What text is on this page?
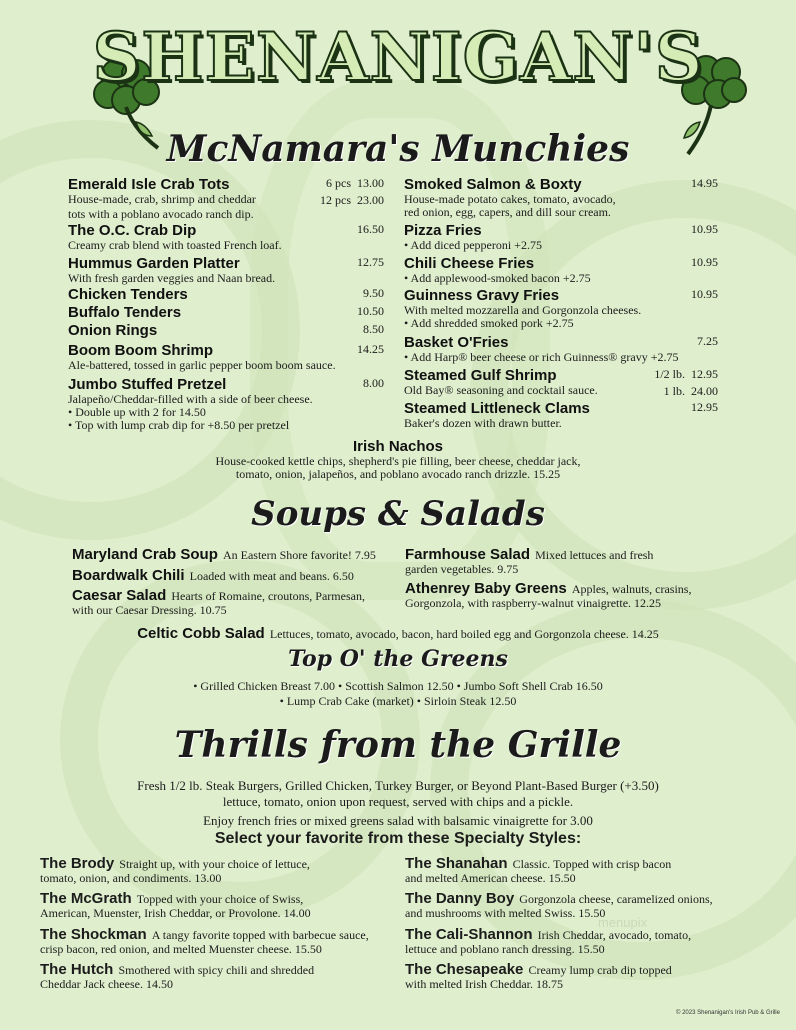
SHENANIGAN'S
McNamara's Munchies
Emerald Isle Crab Tots	6 pcs 13.00
House-made, crab, shrimp and cheddar	12 pcs 23.00
tots with a poblano avocado ranch dip.
The O.C. Crab Dip	16.50
Creamy crab blend with toasted French loaf.
Hummus Garden Platter	12.75
With fresh garden veggies and Naan bread.
Chicken Tenders	9.50
Buffalo Tenders	10.50
Onion Rings	8.50
Boom Boom Shrimp	14.25
Ale-battered, tossed in garlic pepper boom boom sauce.
Jumbo Stuffed Pretzel	8.00
Jalapeño/Cheddar-filled with a side of beer cheese.
• Double up with 2 for 14.50
• Top with lump crab dip for +8.50 per pretzel
Smoked Salmon & Boxty	14.95
House-made potato cakes, tomato, avocado,
red onion, egg, capers, and dill sour cream.
Pizza Fries	10.95
• Add diced pepperoni +2.75
Chili Cheese Fries	10.95
• Add applewood-smoked bacon +2.75
Guinness Gravy Fries	10.95
With melted mozzarella and Gorgonzola cheeses.
• Add shredded smoked pork +2.75
Basket O'Fries	7.25
• Add Harp® beer cheese or rich Guinness® gravy +2.75
Steamed Gulf Shrimp	1/2 lb. 12.95
Old Bay® seasoning and cocktail sauce.	1 lb. 24.00
Steamed Littleneck Clams	12.95
Baker's dozen with drawn butter.
Irish Nachos
House-cooked kettle chips, shepherd's pie filling, beer cheese, cheddar jack,
tomato, onion, jalapeños, and poblano avocado ranch drizzle. 15.25
Soups & Salads
Maryland Crab Soup An Eastern Shore favorite! 7.95
Boardwalk Chili Loaded with meat and beans. 6.50
Caesar Salad Hearts of Romaine, croutons, Parmesan,
with our Caesar Dressing. 10.75
Farmhouse Salad Mixed lettuces and fresh
garden vegetables. 9.75
Athenrey Baby Greens Apples, walnuts, crasins,
Gorgonzola, with raspberry-walnut vinaigrette. 12.25
Celtic Cobb Salad Lettuces, tomato, avocado, bacon, hard boiled egg and Gorgonzola cheese. 14.25
Top O' the Greens
• Grilled Chicken Breast 7.00 • Scottish Salmon 12.50 • Jumbo Soft Shell Crab 16.50
• Lump Crab Cake (market) • Sirloin Steak 12.50
Thrills from the Grille
Fresh 1/2 lb. Steak Burgers, Grilled Chicken, Turkey Burger, or Beyond Plant-Based Burger (+3.50)
lettuce, tomato, onion upon request, served with chips and a pickle.
Enjoy french fries or mixed greens salad with balsamic vinaigrette for 3.00
Select your favorite from these Specialty Styles:
The Brody Straight up, with your choice of lettuce,
tomato, onion, and condiments. 13.00
The McGrath Topped with your choice of Swiss,
American, Muenster, Irish Cheddar, or Provolone. 14.00
The Shockman A tangy favorite topped with barbecue sauce,
crisp bacon, red onion, and melted Muenster cheese. 15.50
The Hutch Smothered with spicy chili and shredded
Cheddar Jack cheese. 14.50
The Shanahan Classic. Topped with crisp bacon
and melted American cheese. 15.50
The Danny Boy Gorgonzola cheese, caramelized onions,
and mushrooms with melted Swiss. 15.50
The Cali-Shannon Irish Cheddar, avocado, tomato,
lettuce and poblano ranch dressing. 15.50
The Chesapeake Creamy lump crab dip topped
with melted Irish Cheddar. 18.75
menupix
© 2023 Shenanigan's Irish Pub & Grille
